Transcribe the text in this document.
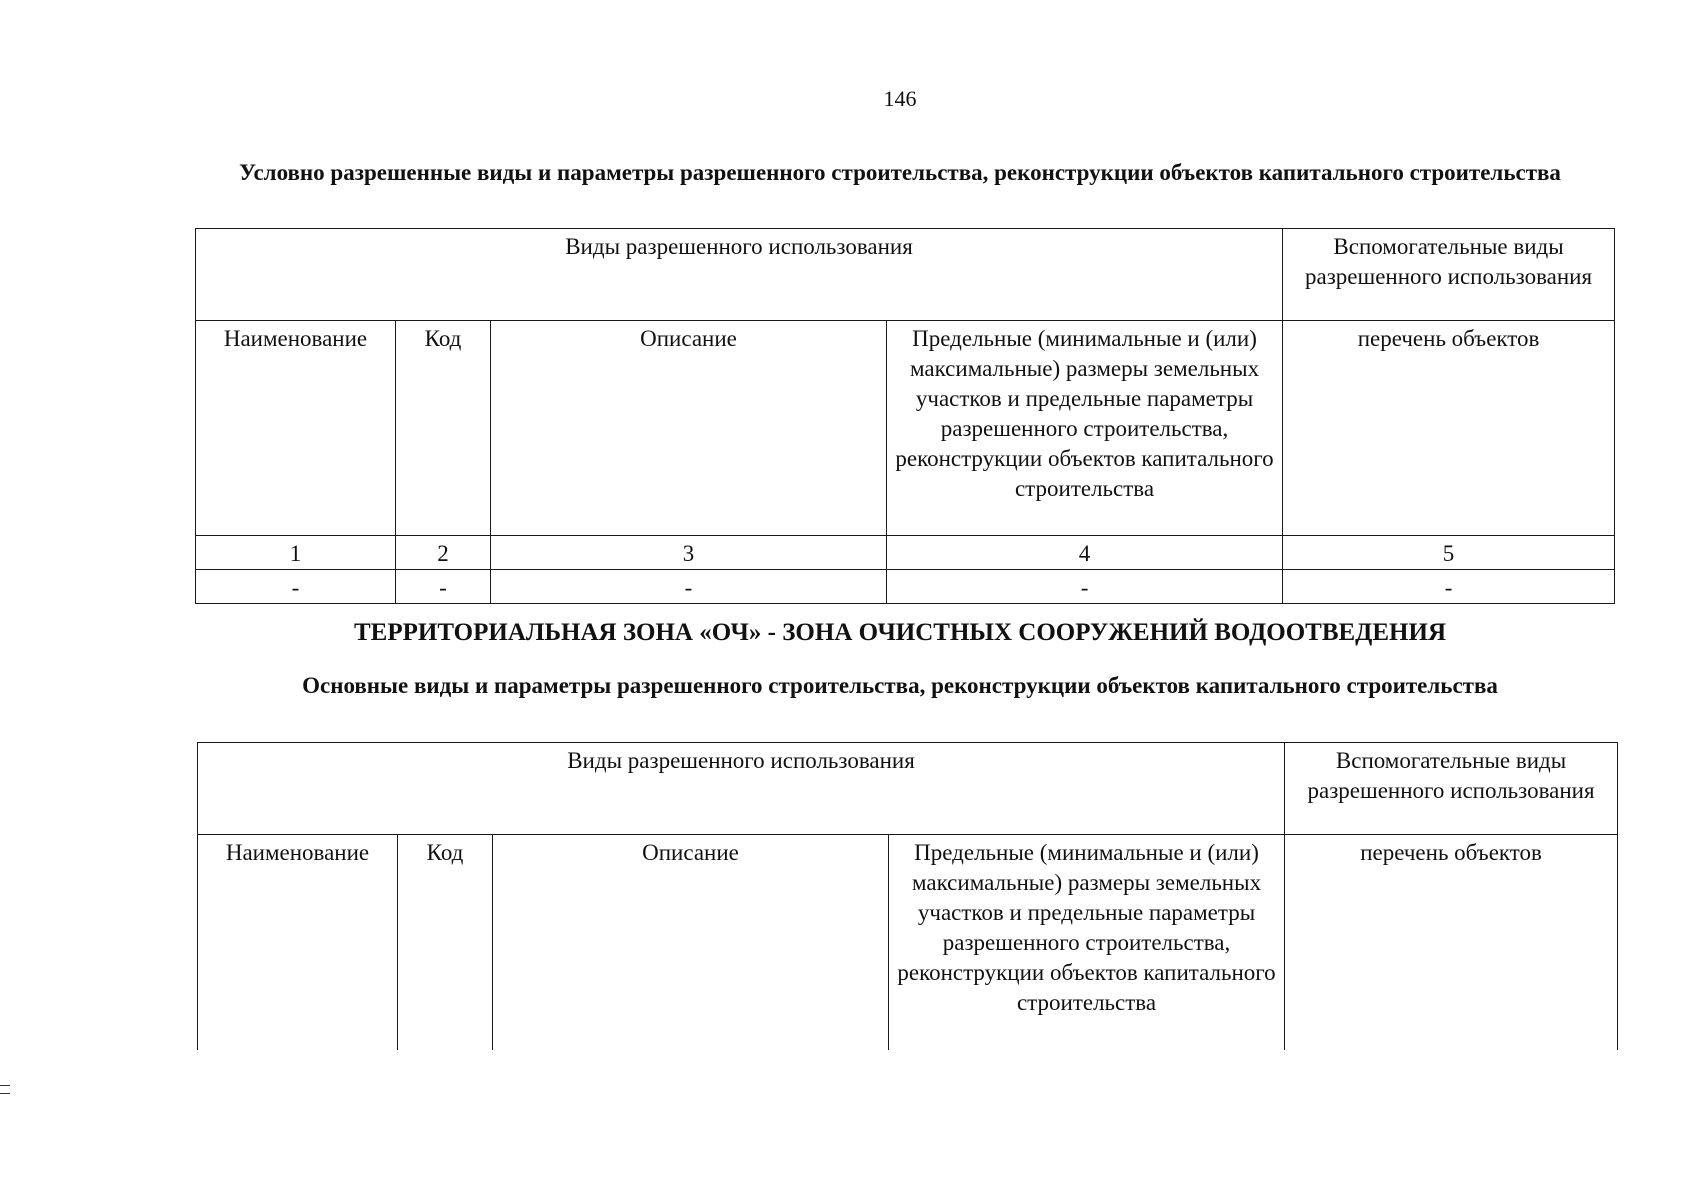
146
Условно разрешенные виды и параметры разрешенного строительства, реконструкции объектов капитального строительства
Виды разрешенного использования				Вспомогательные виды разрешенного использования
Наименование	Код	Описание	Предельные (минимальные и (или) максимальные) размеры земельных участков и предельные параметры разрешенного строительства, реконструкции объектов капитального строительства	перечень объектов
1	2	3	4	5
-	-	-	-	-
ТЕРРИТОРИАЛЬНАЯ ЗОНА «ОЧ» - ЗОНА ОЧИСТНЫХ СООРУЖЕНИЙ ВОДООТВЕДЕНИЯ
Основные виды и параметры разрешенного строительства, реконструкции объектов капитального строительства
Виды разрешенного использования				Вспомогательные виды разрешенного использования
Наименование	Код	Описание	Предельные (минимальные и (или) максимальные) размеры земельных участков и предельные параметры разрешенного строительства, реконструкции объектов капитального строительства	перечень объектов
